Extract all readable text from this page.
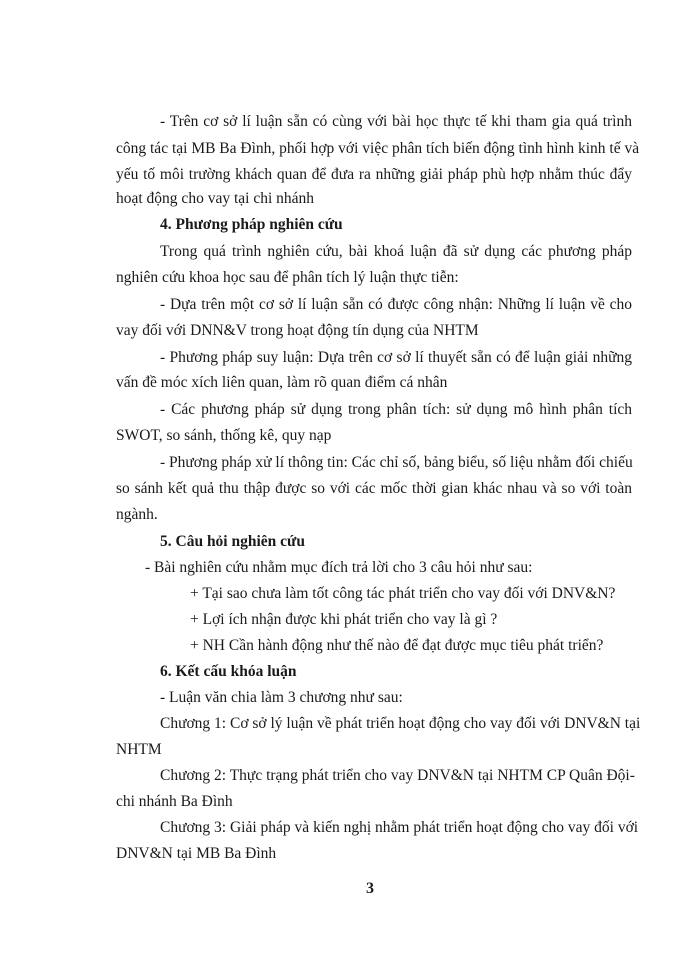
- Trên cơ sở lí luận sẵn có cùng với bài học thực tế khi tham gia quá trình
công tác tại MB Ba Đình, phối hợp với việc phân tích biến động tình hình kinh tế và
yếu tố môi trường khách quan để đưa ra những giải pháp phù hợp nhằm thúc đẩy
hoạt động cho vay tại chi nhánh
4. Phương pháp nghiên cứu
Trong quá trình nghiên cứu, bài khoá luận đã sử dụng các phương pháp
nghiên cứu khoa học sau để phân tích lý luận thực tiễn:
- Dựa trên một cơ sở lí luận sẵn có được công nhận: Những lí luận về cho
vay đối với DNN&V trong hoạt động tín dụng của NHTM
- Phương pháp suy luận: Dựa trên cơ sở lí thuyết sẵn có để luận giải những
vấn đề móc xích liên quan, làm rõ quan điểm cá nhân
- Các phương pháp sử dụng trong phân tích: sử dụng mô hình phân tích
SWOT, so sánh, thống kê, quy nạp
- Phương pháp xử lí thông tin: Các chỉ số, bảng biểu, số liệu nhằm đối chiếu
so sánh kết quả thu thập được so với các mốc thời gian khác nhau và so với toàn
ngành.
5. Câu hỏi nghiên cứu
- Bài nghiên cứu nhằm mục đích trả lời cho 3 câu hỏi như sau:
+ Tại sao chưa làm tốt công tác phát triển cho vay đối với DNV&N?
+ Lợi ích nhận được khi phát triển cho vay là gì ?
+ NH Cần hành động như thế nào để đạt được mục tiêu phát triển?
6. Kết cấu khóa luận
- Luận văn chia làm 3 chương như sau:
Chương 1: Cơ sở lý luận về phát triển hoạt động cho vay đối với DNV&N tại
NHTM
Chương 2: Thực trạng phát triển cho vay DNV&N tại NHTM CP Quân Đội-
chi nhánh Ba Đình
Chương 3: Giải pháp và kiến nghị nhằm phát triển hoạt động cho vay đối với
DNV&N tại MB Ba Đình
3
